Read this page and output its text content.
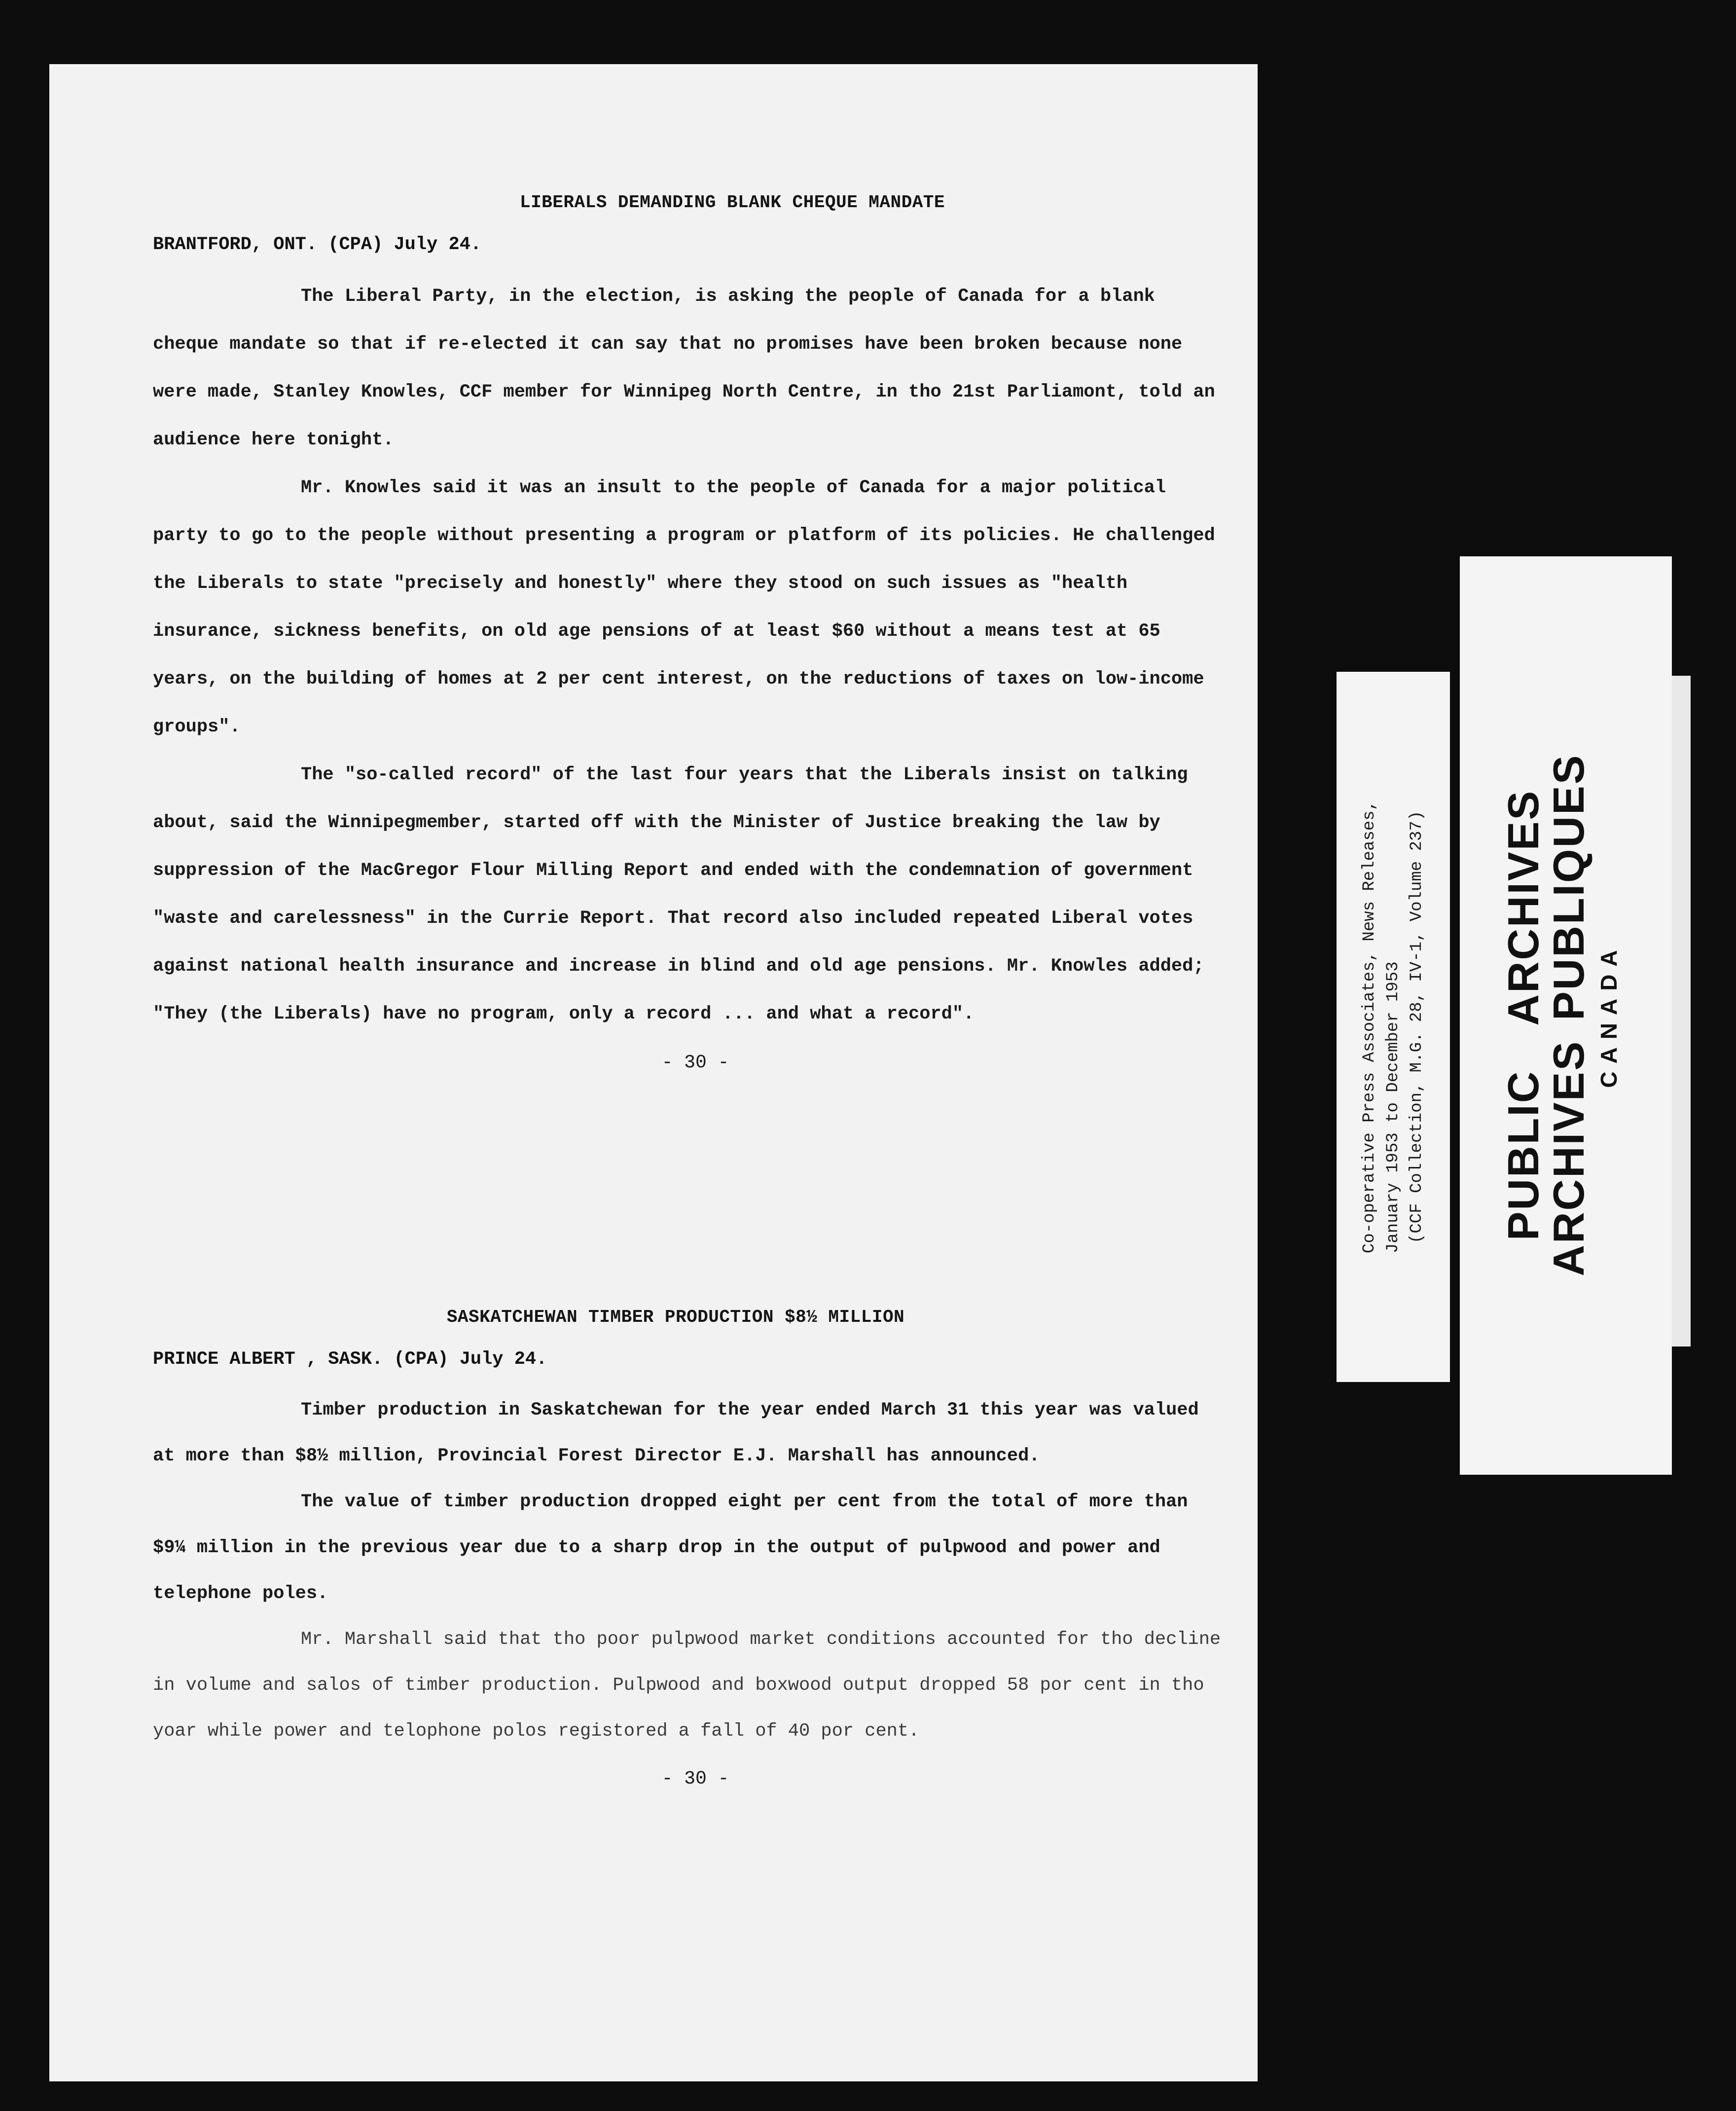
LIBERALS DEMANDING BLANK CHEQUE MANDATE
BRANTFORD, ONT. (CPA) July 24.

The Liberal Party, in the election, is asking the people of Canada for a blank cheque mandate so that if re-elected it can say that no promises have been broken because none were made, Stanley Knowles, CCF member for Winnipeg North Centre, in tho 21st Parliamont, told an audience here tonight.

Mr. Knowles said it was an insult to the people of Canada for a major political party to go to the people without presenting a program or platform of its policies. He challenged the Liberals to state "precisely and honestly" where they stood on such issues as "health insurance, sickness benefits, on old age pensions of at least $60 without a means test at 65 years, on the building of homes at 2 per cent interest, on the reductions of taxes on low-income groups".

The "so-called record" of the last four years that the Liberals insist on talking about, said the Winnipegmember, started off with the Minister of Justice breaking the law by suppression of the MacGregor Flour Milling Report and ended with the condemnation of government "waste and carelessness" in the Currie Report. That record also included repeated Liberal votes against national health insurance and increase in blind and old age pensions. Mr. Knowles added; "They (the Liberals) have no program, only a record ... and what a record".

- 30 -
SASKATCHEWAN TIMBER PRODUCTION $8½ MILLION
PRINCE ALBERT , SASK. (CPA) July 24.

Timber production in Saskatchewan for the year ended March 31 this year was valued at more than $8½ million, Provincial Forest Director E.J. Marshall has announced.

The value of timber production dropped eight per cent from the total of more than $9¼ million in the previous year due to a sharp drop in the output of pulpwood and power and telephone poles.

Mr. Marshall said that tho poor pulpwood market conditions accounted for tho decline in volume and salos of timber production. Pulpwood and boxwood output dropped 58 por cent in tho yoar while power and telophone polos registored a fall of 40 por cent.

- 30 -
Co-operative Press Associates, News Releases, January 1953 to December 1953 (CCF Collection, M.G. 28, IV-1, Volume 237) PUBLICARCHIVES
ARCHIVESPUBLIQUES CANADA
